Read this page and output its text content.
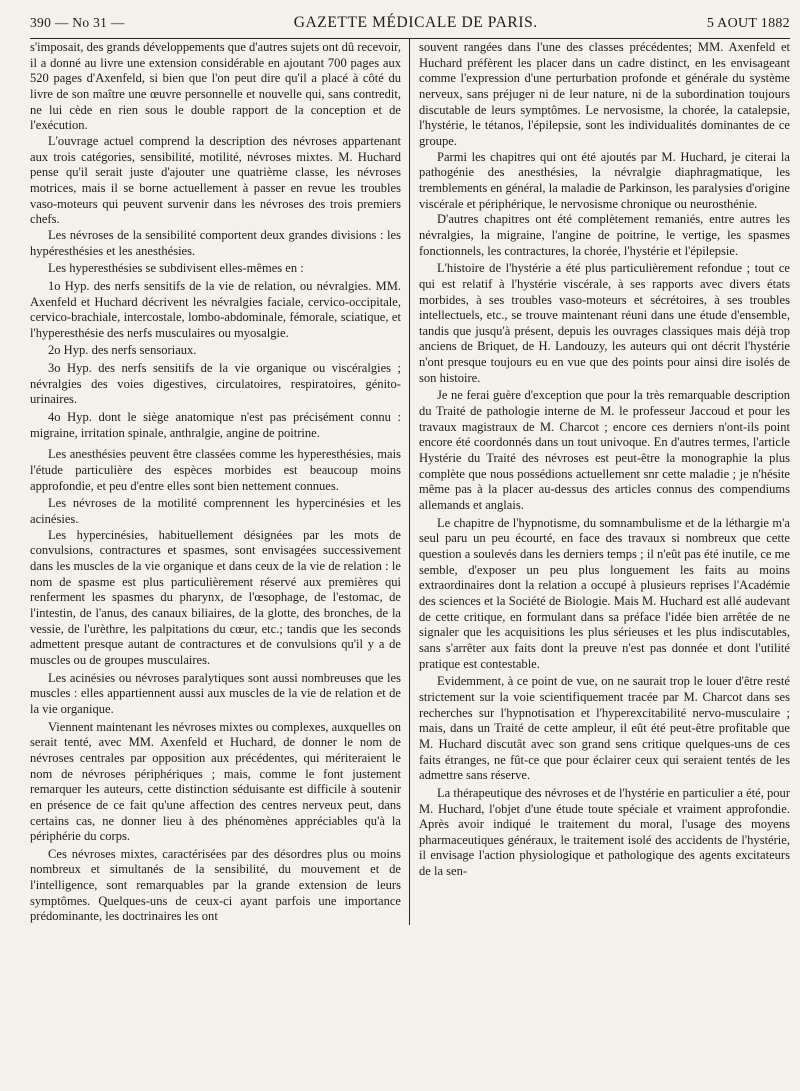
390 — No 31 —	GAZETTE MÉDICALE DE PARIS.	5 AOUT 1882

s'imposait, des grands développements que d'autres sujets ont dû recevoir, il a donné au livre une extension considérable en ajoutant 700 pages aux 520 pages d'Axenfeld, si bien que l'on peut dire qu'il a placé à côté du livre de son maître une œuvre personnelle et nouvelle qui, sans contredit, ne lui cède en rien sous le double rapport de la conception et de l'exécution.

L'ouvrage actuel comprend la description des névroses appartenant aux trois catégories, sensibilité, motilité, névroses mixtes. M. Huchard pense qu'il serait juste d'ajouter une quatrième classe, les névroses motrices, mais il se borne actuellement à passer en revue les troubles vaso-moteurs qui peuvent survenir dans les névroses des trois premiers chefs.

Les névroses de la sensibilité comportent deux grandes divisions : les hypéresthésies et les anesthésies.

Les hyperesthésies se subdivisent elles-mêmes en :

1o Hyp. des nerfs sensitifs de la vie de relation, ou névralgies. MM. Axenfeld et Huchard décrivent les névralgies faciale, cervico-occipitale, cervico-brachiale, intercostale, lombo-abdominale, fémorale, sciatique, et l'hyperesthésie des nerfs musculaires ou myosalgie.

2o Hyp. des nerfs sensoriaux.

3o Hyp. des nerfs sensitifs de la vie organique ou viscéralgies ; névralgies des voies digestives, circulatoires, respiratoires, génito-urinaires.

4o Hyp. dont le siège anatomique n'est pas précisément connu : migraine, irritation spinale, anthralgie, angine de poitrine.

Les anesthésies peuvent être classées comme les hyperesthésies, mais l'étude particulière des espèces morbides est beaucoup moins approfondie, et peu d'entre elles sont bien nettement connues.

Les névroses de la motilité comprennent les hypercinésies et les acinésies.

Les hypercinésies, habituellement désignées par les mots de convulsions, contractures et spasmes, sont envisagées successivement dans les muscles de la vie organique et dans ceux de la vie de relation : le nom de spasme est plus particulièrement réservé aux premières qui renferment les spasmes du pharynx, de l'œsophage, de l'estomac, de l'intestin, de l'anus, des canaux biliaires, de la glotte, des bronches, de la vessie, de l'urèthre, les palpitations du cœur, etc.; tandis que les seconds admettent presque autant de contractures et de convulsions qu'il y a de muscles ou de groupes musculaires.

Les acinésies ou névroses paralytiques sont aussi nombreuses que les muscles : elles appartiennent aussi aux muscles de la vie de relation et de la vie organique.

Viennent maintenant les névroses mixtes ou complexes, auxquelles on serait tenté, avec MM. Axenfeld et Huchard, de donner le nom de névroses centrales par opposition aux précédentes, qui mériteraient le nom de névroses périphériques ; mais, comme le font justement remarquer les auteurs, cette distinction séduisante est difficile à soutenir en présence de ce fait qu'une affection des centres nerveux peut, dans certains cas, ne donner lieu à des phénomènes appréciables qu'à la périphérie du corps.

Ces névroses mixtes, caractérisées par des désordres plus ou moins nombreux et simultanés de la sensibilité, du mouvement et de l'intelligence, sont remarquables par la grande extension de leurs symptômes. Quelques-uns de ceux-ci ayant parfois une importance prédominante, les doctrinaires les ont

souvent rangées dans l'une des classes précédentes; MM. Axenfeld et Huchard préfèrent les placer dans un cadre distinct, en les envisageant comme l'expression d'une perturbation profonde et générale du système nerveux, sans préjuger ni de leur nature, ni de la subordination toujours discutable de leurs symptômes. Le nervosisme, la chorée, la catalepsie, l'hystérie, le tétanos, l'épilepsie, sont les individualités dominantes de ce groupe.

Parmi les chapitres qui ont été ajoutés par M. Huchard, je citerai la pathogénie des anesthésies, la névralgie diaphragmatique, les tremblements en général, la maladie de Parkinson, les paralysies d'origine viscérale et périphérique, le nervosisme chronique ou neurosthénie.

D'autres chapitres ont été complètement remaniés, entre autres les névralgies, la migraine, l'angine de poitrine, le vertige, les spasmes fonctionnels, les contractures, la chorée, l'hystérie et l'épilepsie.

L'histoire de l'hystérie a été plus particulièrement refondue ; tout ce qui est relatif à l'hystérie viscérale, à ses rapports avec divers états morbides, à ses troubles vaso-moteurs et sécrétoires, à ses troubles intellectuels, etc., se trouve maintenant réuni dans une étude d'ensemble, tandis que jusqu'à présent, depuis les ouvrages classiques mais déjà trop anciens de Briquet, de H. Landouzy, les auteurs qui ont décrit l'hystérie n'ont presque toujours eu en vue que des points pour ainsi dire isolés de son histoire.

Je ne ferai guère d'exception que pour la très remarquable description du Traité de pathologie interne de M. le professeur Jaccoud et pour les travaux magistraux de M. Charcot ; encore ces derniers n'ont-ils point encore été coordonnés dans un tout univoque. En d'autres termes, l'article Hystérie du Traité des névroses est peut-être la monographie la plus complète que nous possédions actuellement snr cette maladie ; je n'hésite même pas à la placer au-dessus des articles connus des compendiums allemands et anglais.

Le chapitre de l'hypnotisme, du somnambulisme et de la léthargie m'a seul paru un peu écourté, en face des travaux si nombreux que cette question a soulevés dans les derniers temps ; il n'eût pas été inutile, ce me semble, d'exposer un peu plus longuement les faits au moins extraordinaires dont la relation a occupé à plusieurs reprises l'Académie des sciences et la Société de Biologie. Mais M. Huchard est allé audevant de cette critique, en formulant dans sa préface l'idée bien arrêtée de ne signaler que les acquisitions les plus sérieuses et les plus indiscutables, sans s'arrêter aux faits dont la preuve n'est pas donnée et dont l'utilité pratique est contestable.

Evidemment, à ce point de vue, on ne saurait trop le louer d'être resté strictement sur la voie scientifiquement tracée par M. Charcot dans ses recherches sur l'hypnotisation et l'hyperexcitabilité nervo-musculaire ; mais, dans un Traité de cette ampleur, il eût été peut-être profitable que M. Huchard discutât avec son grand sens critique quelques-uns de ces faits étranges, ne fût-ce que pour éclairer ceux qui seraient tentés de les admettre sans réserve.

La thérapeutique des névroses et de l'hystérie en particulier a été, pour M. Huchard, l'objet d'une étude toute spéciale et vraiment approfondie. Après avoir indiqué le traitement du moral, l'usage des moyens pharmaceutiques généraux, le traitement isolé des accidents de l'hystérie, il envisage l'action physiologique et pathologique des agents excitateurs de la sen-
